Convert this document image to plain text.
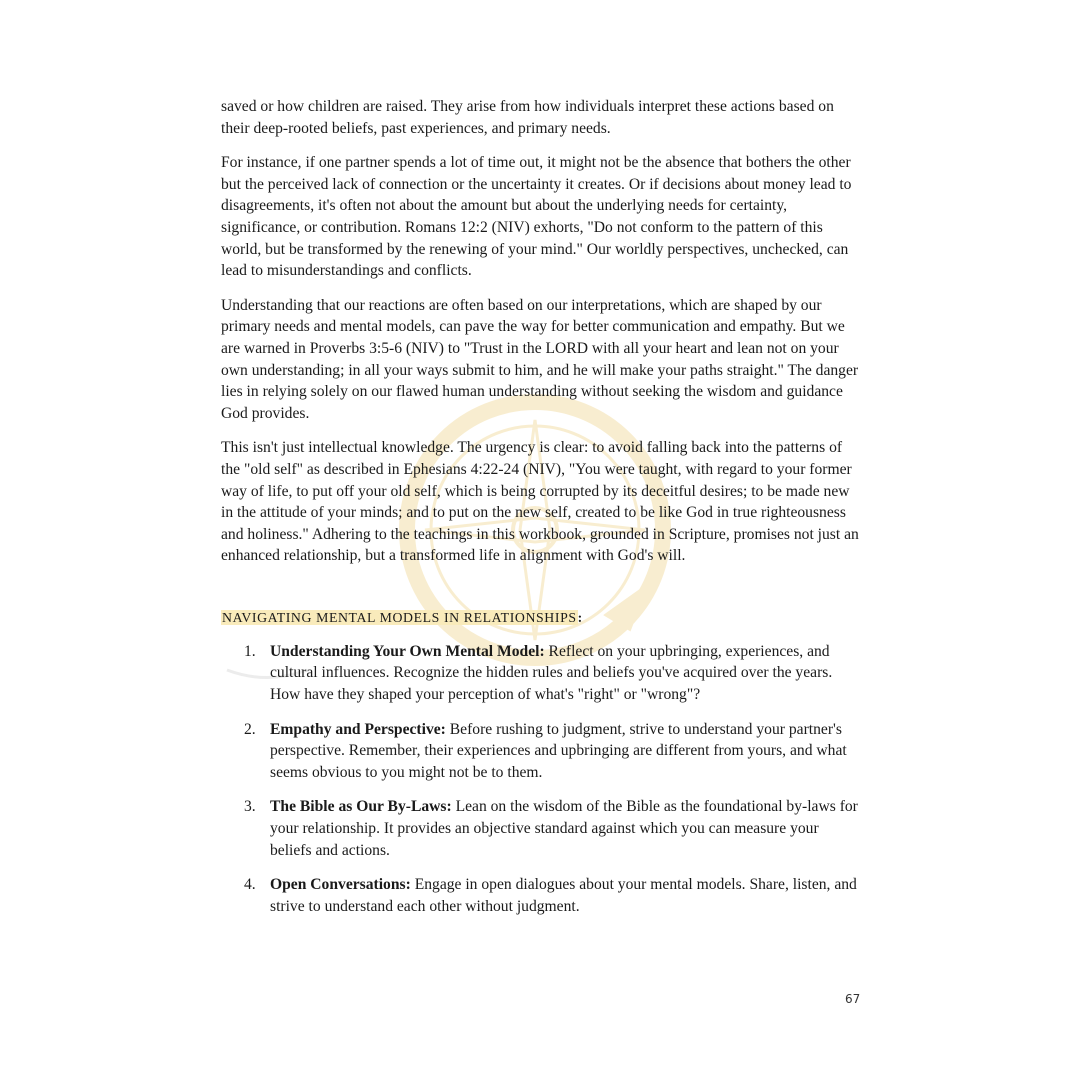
saved or how children are raised. They arise from how individuals interpret these actions based on their deep-rooted beliefs, past experiences, and primary needs.

For instance, if one partner spends a lot of time out, it might not be the absence that bothers the other but the perceived lack of connection or the uncertainty it creates. Or if decisions about money lead to disagreements, it's often not about the amount but about the underlying needs for certainty, significance, or contribution. Romans 12:2 (NIV) exhorts, "Do not conform to the pattern of this world, but be transformed by the renewing of your mind." Our worldly perspectives, unchecked, can lead to misunderstandings and conflicts.

Understanding that our reactions are often based on our interpretations, which are shaped by our primary needs and mental models, can pave the way for better communication and empathy. But we are warned in Proverbs 3:5-6 (NIV) to "Trust in the LORD with all your heart and lean not on your own understanding; in all your ways submit to him, and he will make your paths straight." The danger lies in relying solely on our flawed human understanding without seeking the wisdom and guidance God provides.

This isn't just intellectual knowledge. The urgency is clear: to avoid falling back into the patterns of the "old self" as described in Ephesians 4:22-24 (NIV), "You were taught, with regard to your former way of life, to put off your old self, which is being corrupted by its deceitful desires; to be made new in the attitude of your minds; and to put on the new self, created to be like God in true righteousness and holiness." Adhering to the teachings in this workbook, grounded in Scripture, promises not just an enhanced relationship, but a transformed life in alignment with God's will.

NAVIGATING MENTAL MODELS IN RELATIONSHIPS:
1. Understanding Your Own Mental Model: Reflect on your upbringing, experiences, and cultural influences. Recognize the hidden rules and beliefs you've acquired over the years. How have they shaped your perception of what's "right" or "wrong"?
2. Empathy and Perspective: Before rushing to judgment, strive to understand your partner's perspective. Remember, their experiences and upbringing are different from yours, and what seems obvious to you might not be to them.
3. The Bible as Our By-Laws: Lean on the wisdom of the Bible as the foundational by-laws for your relationship. It provides an objective standard against which you can measure your beliefs and actions.
4. Open Conversations: Engage in open dialogues about your mental models. Share, listen, and strive to understand each other without judgment.
67
